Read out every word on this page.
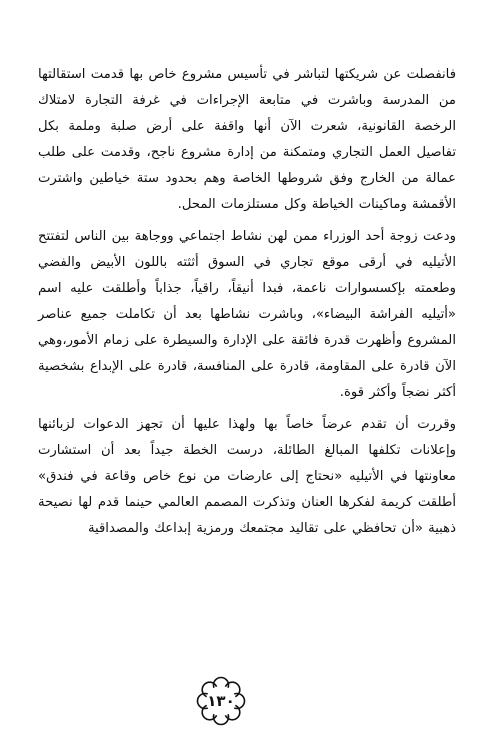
فانفصلت عن شريكتها لتباشر في تأسيس مشروع خاص بها قدمت استقالتها من المدرسة وباشرت في متابعة الإجراءات في غرفة التجارة لامتلاك الرخصة القانونية، شعرت الآن أنها واقفة على أرض صلبة وملمة بكل تفاصيل العمل التجاري ومتمكنة من إدارة مشروع ناجح، وقدمت على طلب عمالة من الخارج وفق شروطها الخاصة وهم بحدود ستة خياطين واشترت الأقمشة وماكينات الخياطة وكل مستلزمات المحل.

ودعت زوجة أحد الوزراء ممن لهن نشاط اجتماعي ووجاهة بين الناس لتفتتح الأتيليه في أرقى موقع تجاري في السوق أثثته باللون الأبيض والفضي وطعمته بإكسسوارات ناعمة، فبدا أنيقاً، راقياً، جذاباً وأطلقت عليه اسم «أتيليه الفراشة البيضاء»، وباشرت نشاطها بعد أن تكاملت جميع عناصر المشروع وأظهرت قدرة فائقة على الإدارة والسيطرة على زمام الأمور،وهي الآن قادرة على المقاومة، قادرة على المنافسة، قادرة على الإبداع بشخصية أكثر نضجاً وأكثر قوة.

وقررت أن تقدم عرضاً خاصاً بها ولهذا عليها أن تجهز الدعوات لزبائنها وإعلانات تكلفها المبالغ الطائلة، درست الخطة جيداً بعد أن استشارت معاونتها في الأتيليه «نحتاج إلى عارضات من نوع خاص وقاعة في فندق» أطلقت كريمة لفكرها العنان وتذكرت المصمم العالمي حينما قدم لها نصيحة ذهبية «أن تحافظي على تقاليد مجتمعك ورمزية إبداعك والمصداقية

١٣٠
